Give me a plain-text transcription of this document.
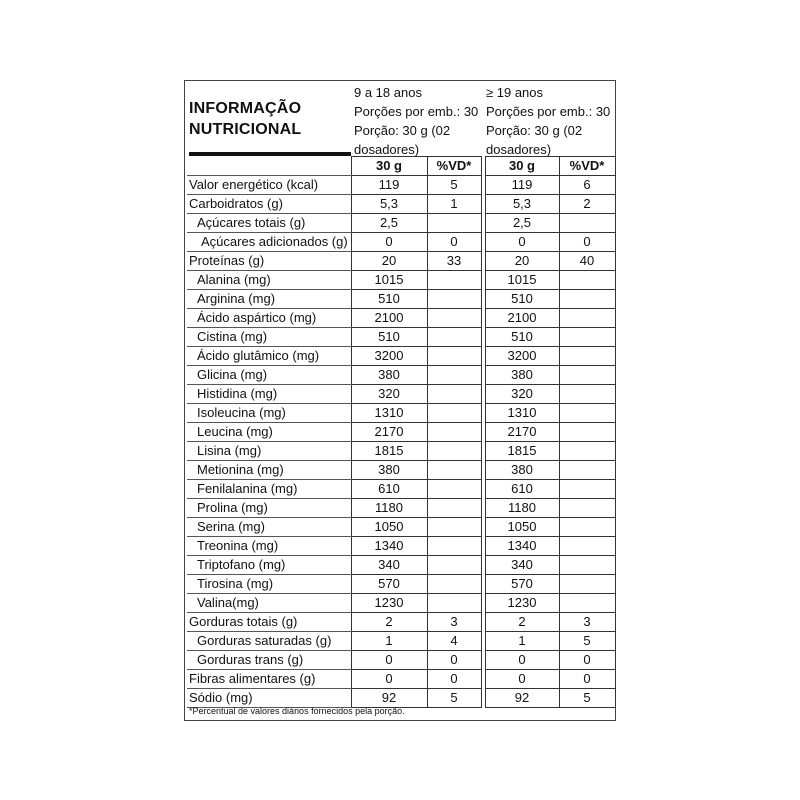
INFORMAÇÃO
NUTRICIONAL
9 a 18 anos
Porções por emb.: 30
Porção: 30 g (02
dosadores)
≥ 19 anos
Porções por emb.: 30
Porção: 30 g (02
dosadores)
	30 g	%VD*		30 g	%VD*
Valor energético (kcal)	119	5		119	6
Carboidratos (g)	5,3	1		5,3	2
Açúcares totais (g)	2,5			2,5	
Açúcares adicionados (g)	0	0		0	0
Proteínas (g)	20	33		20	40
Alanina (mg)	1015			1015	
Arginina (mg)	510			510	
Ácido aspártico (mg)	2100			2100	
Cistina (mg)	510			510	
Ácido glutâmico (mg)	3200			3200	
Glicina (mg)	380			380	
Histidina (mg)	320			320	
Isoleucina (mg)	1310			1310	
Leucina (mg)	2170			2170	
Lisina (mg)	1815			1815	
Metionina (mg)	380			380	
Fenilalanina (mg)	610			610	
Prolina (mg)	1180			1180	
Serina (mg)	1050			1050	
Treonina (mg)	1340			1340	
Triptofano (mg)	340			340	
Tirosina (mg)	570			570	
Valina(mg)	1230			1230	
Gorduras totais (g)	2	3		2	3
Gorduras saturadas (g)	1	4		1	5
Gorduras trans (g)	0	0		0	0
Fibras alimentares (g)	0	0		0	0
Sódio (mg)	92	5		92	5
*Percentual de valores diários fornecidos pela porção.
